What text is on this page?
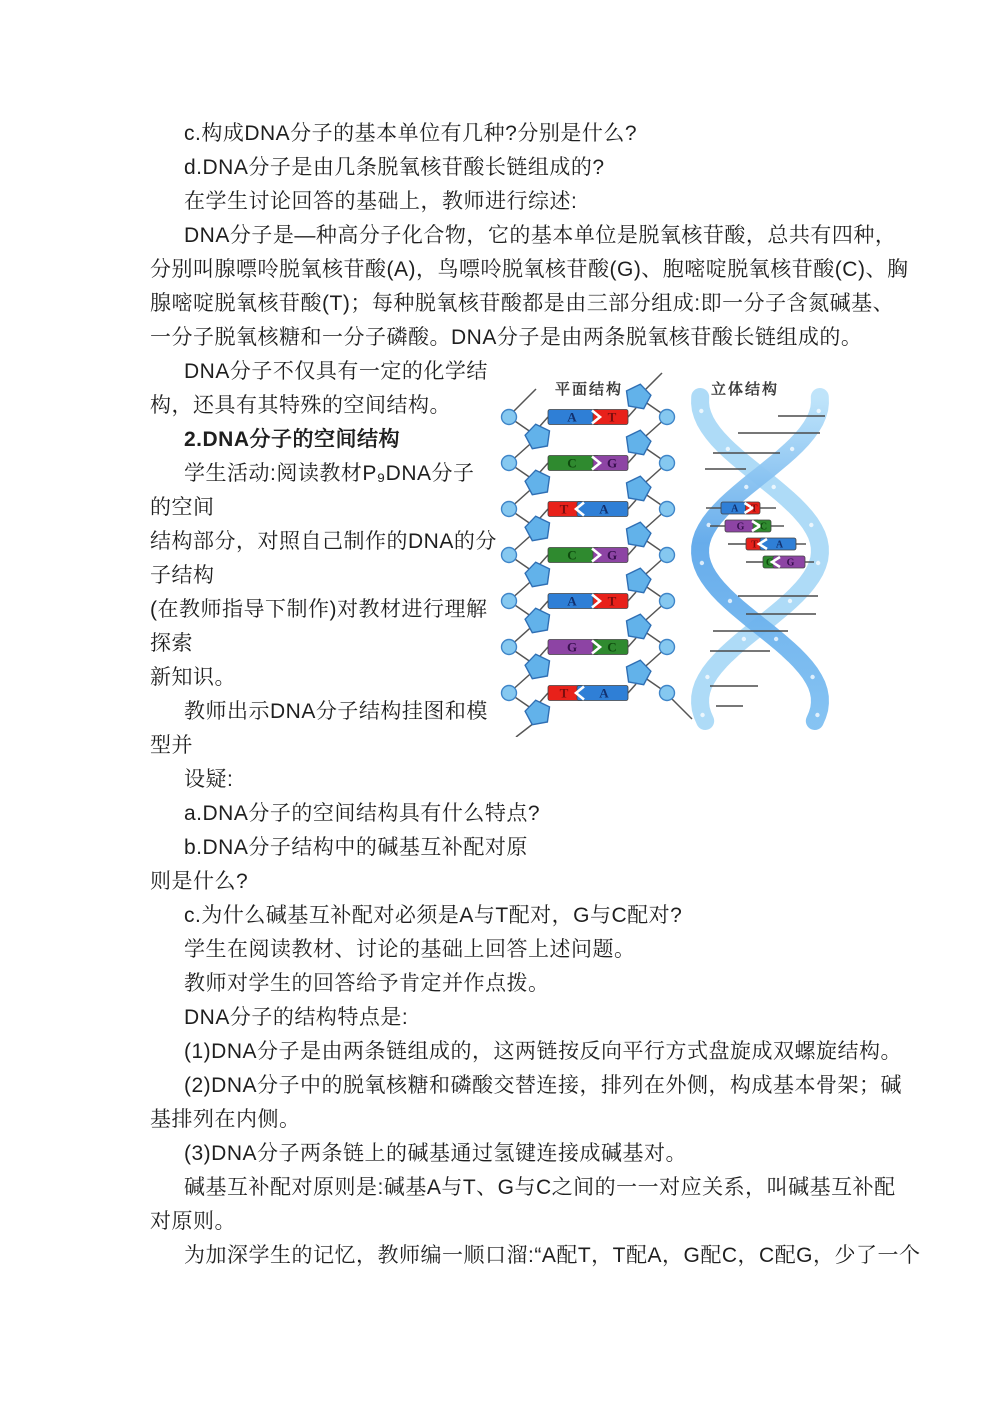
c.构成DNA分子的基本单位有几种?分别是什么?
d.DNA分子是由几条脱氧核苷酸长链组成的?
在学生讨论回答的基础上，教师进行综述:
DNA分子是—种高分子化合物，它的基本单位是脱氧核苷酸，总共有四种，
分别叫腺嘌呤脱氧核苷酸(A)，鸟嘌呤脱氧核苷酸(G)、胞嘧啶脱氧核苷酸(C)、胸
腺嘧啶脱氧核苷酸(T)；每种脱氧核苷酸都是由三部分组成:即一分子含氮碱基、
一分子脱氧核糖和一分子磷酸。DNA分子是由两条脱氧核苷酸长链组成的。
DNA分子不仅具有一定的化学结
构，还具有其特殊的空间结构。
2.DNA分子的空间结构
学生活动:阅读教材P₉DNA分子
的空间
结构部分，对照自己制作的DNA的分
子结构
(在教师指导下制作)对教材进行理解
探索
新知识。
教师出示DNA分子结构挂图和模
型并
设疑:
a.DNA分子的空间结构具有什么特点?
b.DNA分子结构中的碱基互补配对原
则是什么?
c.为什么碱基互补配对必须是A与T配对，G与C配对?
学生在阅读教材、讨论的基础上回答上述问题。
教师对学生的回答给予肯定并作点拨。
DNA分子的结构特点是:
(1)DNA分子是由两条链组成的，这两链按反向平行方式盘旋成双螺旋结构。
(2)DNA分子中的脱氧核糖和磷酸交替连接，排列在外侧，构成基本骨架；碱
基排列在内侧。
(3)DNA分子两条链上的碱基通过氢键连接成碱基对。
碱基互补配对原则是:碱基A与T、G与C之间的一一对应关系，叫碱基互补配
对原则。
为加深学生的记忆，教师编一顺口溜:“A配T，T配A，G配C，C配G，少了一个
平面结构	立体结构
A T
C G
T A
C G
A T
G C
T A
A T
G C
T A
C G
